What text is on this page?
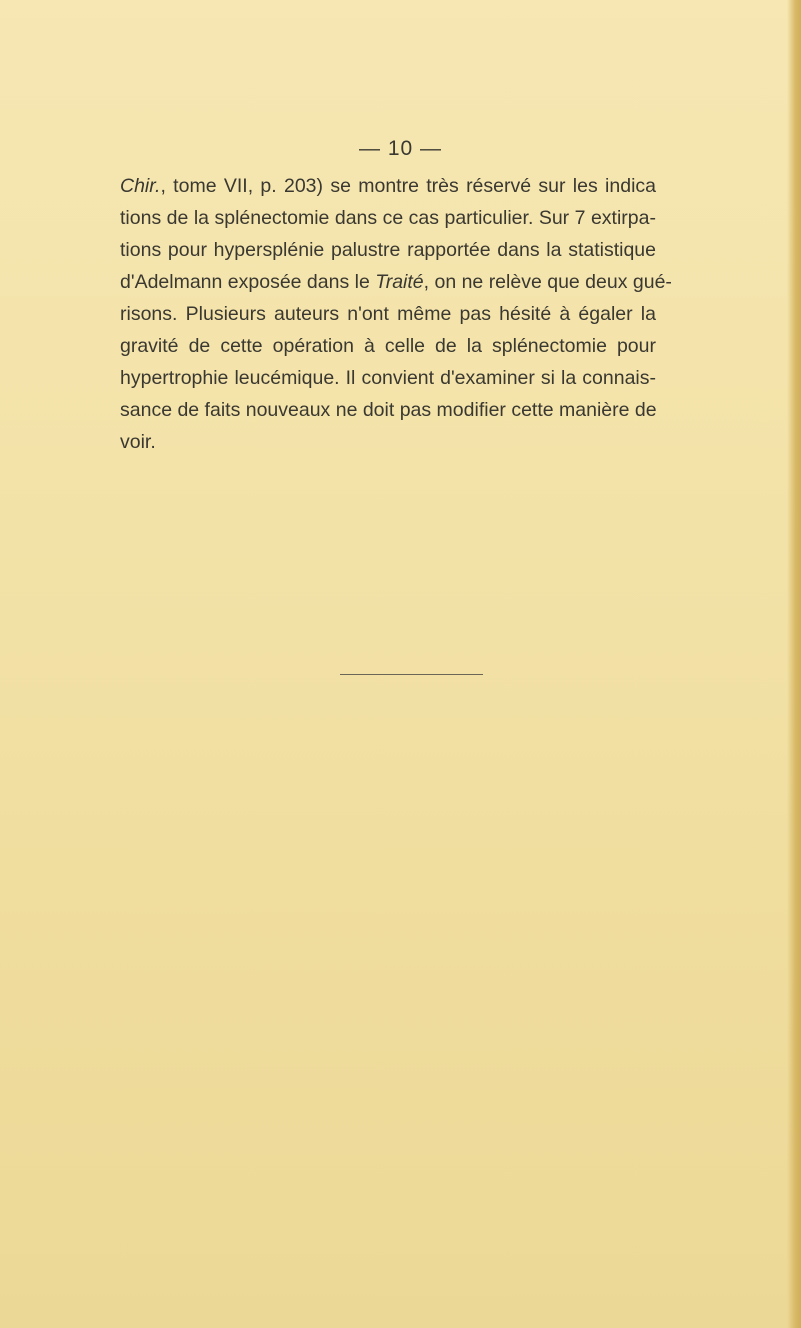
— 10 —
Chir., tome VII, p. 203) se montre très réservé sur les indica
tions de la splénectomie dans ce cas particulier. Sur 7 extirpa-
tions pour hypersplénie palustre rapportée dans la statistique
d'Adelmann exposée dans le Traité, on ne relève que deux gué-
risons. Plusieurs auteurs n'ont même pas hésité à égaler la
gravité de cette opération à celle de la splénectomie pour
hypertrophie leucémique. Il convient d'examiner si la connais-
sance de faits nouveaux ne doit pas modifier cette manière de
voir.
